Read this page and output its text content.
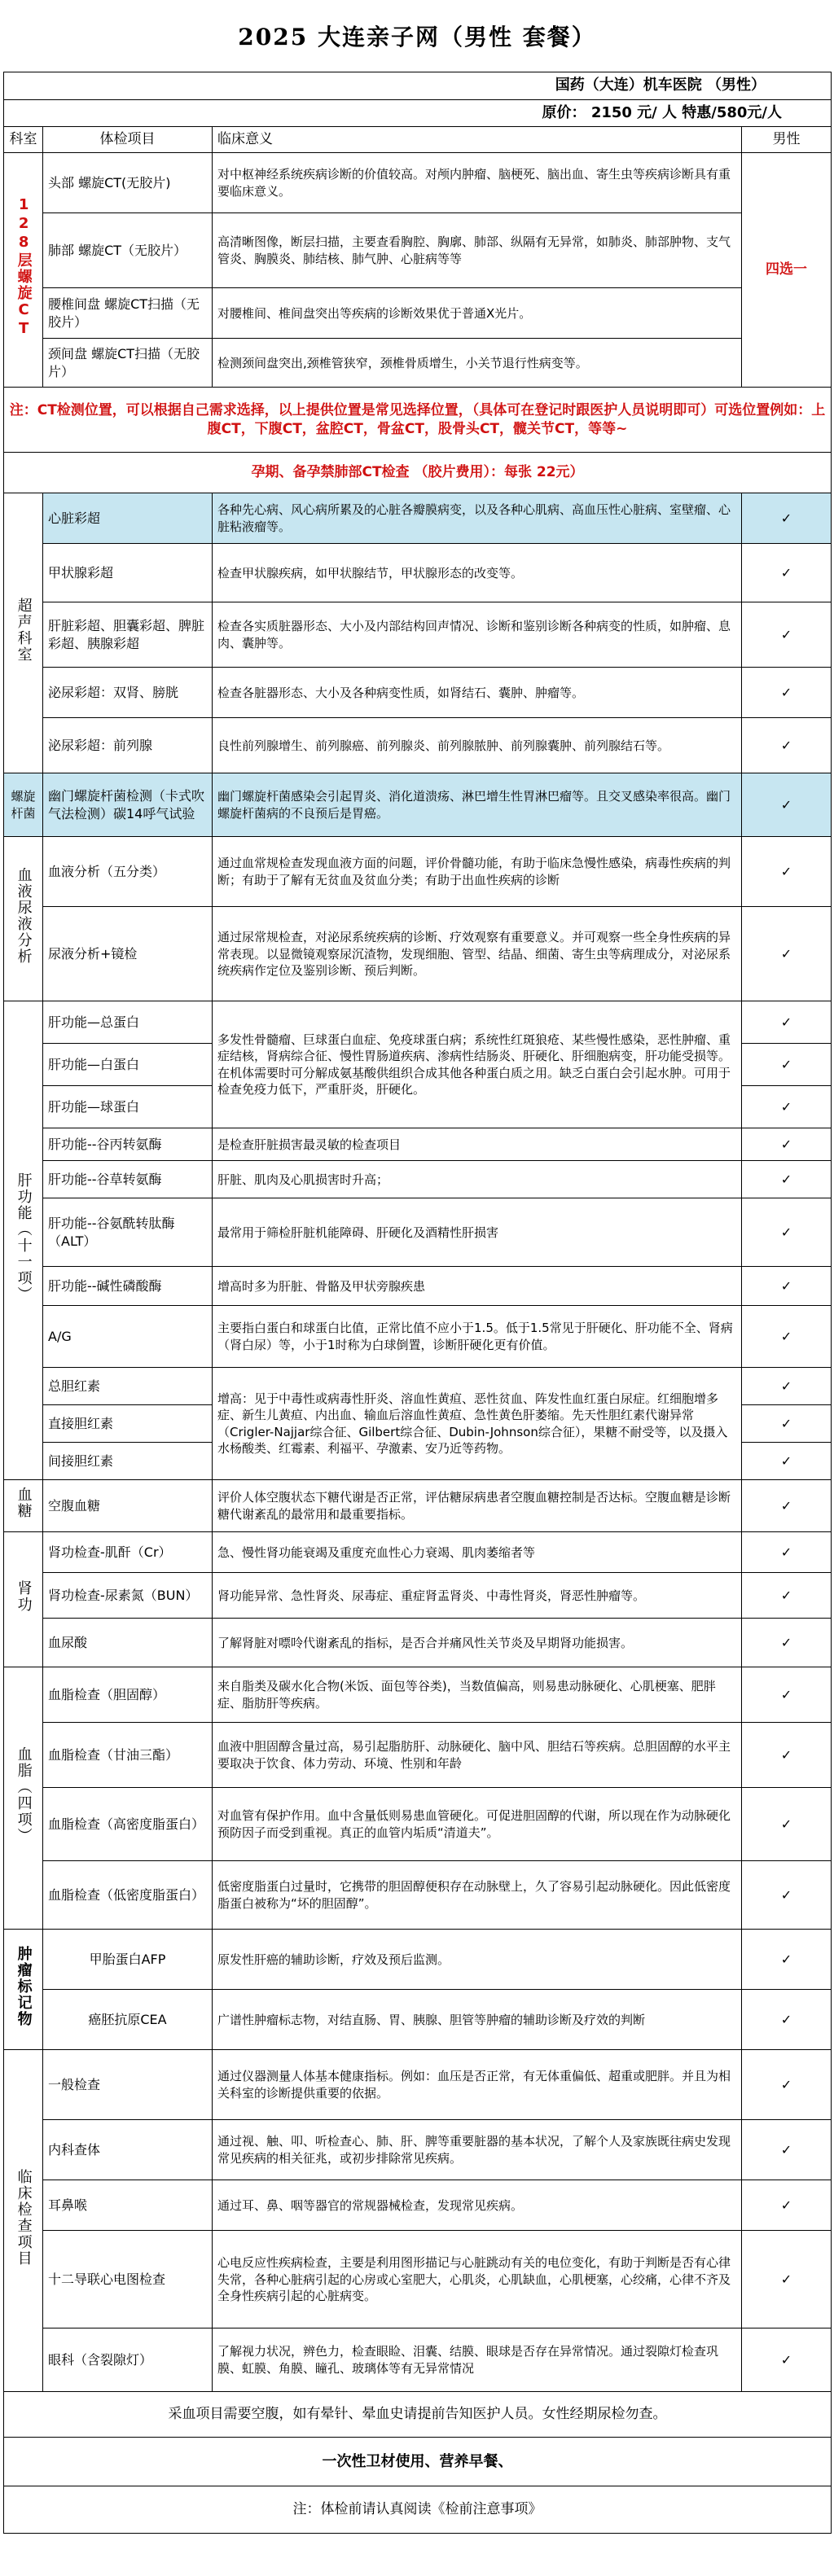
2025 大连亲子网（男性 套餐）
国药（大连）机车医院 （男性）			
原价： 2150 元/ 人 特惠/580元/人			
科室	体检项目	临床意义	男性
128层螺旋CT	头部 螺旋CT(无胶片)	对中枢神经系统疾病诊断的价值较高。对颅内肿瘤、脑梗死、脑出血、寄生虫等疾病诊断具有重要临床意义。	四选一
	肺部 螺旋CT（无胶片）	高清晰图像，断层扫描，主要查看胸腔、胸廓、肺部、纵隔有无异常，如肺炎、肺部肿物、支气管炎、胸膜炎、肺结核、肺气肿、心脏病等等	
	腰椎间盘 螺旋CT扫描（无胶片）	对腰椎间、椎间盘突出等疾病的诊断效果优于普通X光片。	
	颈间盘 螺旋CT扫描（无胶片）	检测颈间盘突出,颈椎管狭窄，颈椎骨质增生，小关节退行性病变等。	
注：CT检测位置，可以根据自己需求选择，以上提供位置是常见选择位置，（具体可在登记时跟医护人员说明即可）可选位置例如：上腹CT，下腹CT，盆腔CT，骨盆CT，股骨头CT，髋关节CT，等等~			
孕期、备孕禁肺部CT检查 （胶片费用）：每张 22元）			
超声科室	心脏彩超	各种先心病、风心病所累及的心脏各瓣膜病变，以及各种心肌病、高血压性心脏病、室壁瘤、心脏粘液瘤等。	✓
	甲状腺彩超	检查甲状腺疾病，如甲状腺结节，甲状腺形态的改变等。	✓
	肝脏彩超、胆囊彩超、脾脏彩超、胰腺彩超	检查各实质脏器形态、大小及内部结构回声情况、诊断和鉴别诊断各种病变的性质，如肿瘤、息肉、囊肿等。	✓
	泌尿彩超：双肾、膀胱	检查各脏器形态、大小及各种病变性质，如肾结石、囊肿、肿瘤等。	✓
	泌尿彩超：前列腺	良性前列腺增生、前列腺癌、前列腺炎、前列腺脓肿、前列腺囊肿、前列腺结石等。	✓
螺旋杆菌	幽门螺旋杆菌检测（卡式吹气法检测）碳14呼气试验	幽门螺旋杆菌感染会引起胃炎、消化道溃疡、淋巴增生性胃淋巴瘤等。且交叉感染率很高。幽门螺旋杆菌病的不良预后是胃癌。	✓
血液尿液分析	血液分析（五分类）	通过血常规检查发现血液方面的问题，评价骨髓功能，有助于临床急慢性感染，病毒性疾病的判断；有助于了解有无贫血及贫血分类；有助于出血性疾病的诊断	✓
	尿液分析+镜检	通过尿常规检查，对泌尿系统疾病的诊断、疗效观察有重要意义。并可观察一些全身性疾病的异常表现。以显微镜观察尿沉渣物，发现细胞、管型、结晶、细菌、寄生虫等病理成分，对泌尿系统疾病作定位及鉴别诊断、预后判断。	✓
肝功能（十一项）	肝功能—总蛋白	多发性骨髓瘤、巨球蛋白血症、免疫球蛋白病；系统性红斑狼疮、某些慢性感染，恶性肿瘤、重症结核，肾病综合征、慢性胃肠道疾病、渗病性结肠炎、肝硬化、肝细胞病变，肝功能受损等。在机体需要时可分解成氨基酸供组织合成其他各种蛋白质之用。缺乏白蛋白会引起水肿。可用于检查免疫力低下，严重肝炎，肝硬化。	✓
	肝功能—白蛋白		✓
	肝功能—球蛋白		✓
	肝功能--谷丙转氨酶	是检查肝脏损害最灵敏的检查项目	✓
	肝功能--谷草转氨酶	肝脏、肌肉及心肌损害时升高；	✓
	肝功能--谷氨酰转肽酶（ALT）	最常用于筛检肝脏机能障碍、肝硬化及酒精性肝损害	✓
	肝功能--碱性磷酸酶	增高时多为肝脏、骨骼及甲状旁腺疾患	✓
	A/G	主要指白蛋白和球蛋白比值，正常比值不应小于1.5。低于1.5常见于肝硬化、肝功能不全、肾病（肾白尿）等，小于1时称为白球倒置，诊断肝硬化更有价值。	✓
	总胆红素	增高：见于中毒性或病毒性肝炎、溶血性黄疸、恶性贫血、阵发性血红蛋白尿症。红细胞增多症、新生儿黄疸、内出血、输血后溶血性黄疸、急性黄色肝萎缩。先天性胆红素代谢异常（Crigler-Najjar综合征、Gilbert综合征、Dubin-Johnson综合征），果糖不耐受等，以及摄入水杨酸类、红霉素、利福平、孕激素、安乃近等药物。	✓
	直接胆红素		✓
	间接胆红素		✓
血糖	空腹血糖	评价人体空腹状态下糖代谢是否正常，评估糖尿病患者空腹血糖控制是否达标。空腹血糖是诊断糖代谢紊乱的最常用和最重要指标。	✓
肾功	肾功检查-肌酐（Cr）	急、慢性肾功能衰竭及重度充血性心力衰竭、肌肉萎缩者等	✓
	肾功检查-尿素氮（BUN）	肾功能异常、急性肾炎、尿毒症、重症肾盂肾炎、中毒性肾炎，肾恶性肿瘤等。	✓
	血尿酸	了解肾脏对嘌呤代谢紊乱的指标，是否合并痛风性关节炎及早期肾功能损害。	✓
血脂（四项）	血脂检查（胆固醇）	来自脂类及碳水化合物(米饭、面包等谷类)，当数值偏高，则易患动脉硬化、心肌梗塞、肥胖症、脂肪肝等疾病。	✓
	血脂检查（甘油三酯）	血液中胆固醇含量过高，易引起脂肪肝、动脉硬化、脑中风、胆结石等疾病。总胆固醇的水平主要取决于饮食、体力劳动、环境、性别和年龄	✓
	血脂检查（高密度脂蛋白）	对血管有保护作用。血中含量低则易患血管硬化。可促进胆固醇的代谢，所以现在作为动脉硬化预防因子而受到重视。真正的血管内垢质“清道夫”。	✓
	血脂检查（低密度脂蛋白）	低密度脂蛋白过量时，它携带的胆固醇便积存在动脉壁上，久了容易引起动脉硬化。因此低密度脂蛋白被称为“坏的胆固醇”。	✓
肿瘤标记物	甲胎蛋白AFP	原发性肝癌的辅助诊断，疗效及预后监测。	✓
	癌胚抗原CEA	广谱性肿瘤标志物，对结直肠、胃、胰腺、胆管等肿瘤的辅助诊断及疗效的判断	✓
临床检查项目	一般检查	通过仪器测量人体基本健康指标。例如：血压是否正常，有无体重偏低、超重或肥胖。并且为相关科室的诊断提供重要的依据。	✓
	内科查体	通过视、触、叩、听检查心、肺、肝、脾等重要脏器的基本状况，了解个人及家族既往病史发现常见疾病的相关征兆，或初步排除常见疾病。	✓
	耳鼻喉	通过耳、鼻、咽等器官的常规器械检查，发现常见疾病。	✓
	十二导联心电图检查	心电反应性疾病检查，主要是利用图形描记与心脏跳动有关的电位变化，有助于判断是否有心律失常，各种心脏病引起的心房或心室肥大，心肌炎，心肌缺血，心肌梗塞，心绞痛，心律不齐及全身性疾病引起的心脏病变。	✓
	眼科（含裂隙灯）	了解视力状况，辨色力，检查眼睑、泪囊、结膜、眼球是否存在异常情况。通过裂隙灯检查巩膜、虹膜、角膜、瞳孔、玻璃体等有无异常情况	✓
采血项目需要空腹，如有晕针、晕血史请提前告知医护人员。女性经期尿检勿查。			
一次性卫材使用、营养早餐、			
注：体检前请认真阅读《检前注意事项》			
